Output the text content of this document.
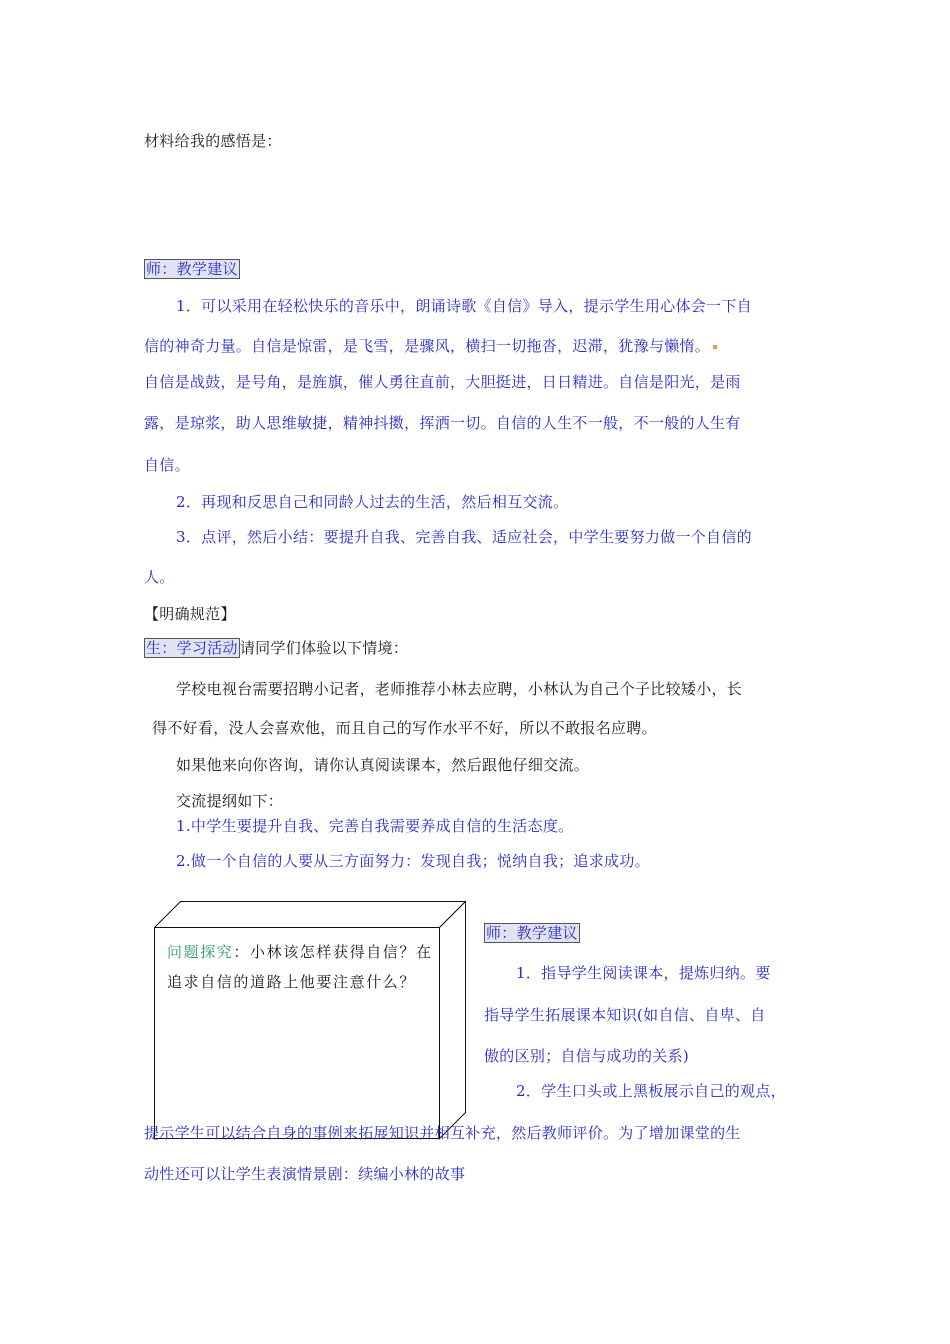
材料给我的感悟是：
师：教学建议
1．可以采用在轻松快乐的音乐中，朗诵诗歌《自信》导入，提示学生用心体会一下自
信的神奇力量。自信是惊雷，是飞雪，是骤风，横扫一切拖沓，迟滞，犹豫与懒惰。
自信是战鼓，是号角，是旌旗，催人勇往直前，大胆挺进，日日精进。自信是阳光，是雨
露，是琼浆，助人思维敏捷，精神抖擞，挥洒一切。自信的人生不一般，不一般的人生有
自信。
2．再现和反思自己和同龄人过去的生活，然后相互交流。
3．点评，然后小结：要提升自我、完善自我、适应社会，中学生要努力做一个自信的
人。
【明确规范】
生：学习活动 请同学们体验以下情境：
学校电视台需要招聘小记者，老师推荐小林去应聘，小林认为自己个子比较矮小，长
得不好看，没人会喜欢他，而且自己的写作水平不好，所以不敢报名应聘。
如果他来向你咨询，请你认真阅读课本，然后跟他仔细交流。
交流提纲如下：
1.中学生要提升自我、完善自我需要养成自信的生活态度。
2.做一个自信的人要从三方面努力：发现自我；悦纳自我；追求成功。
问题探究：小林该怎样获得自信？在追求自信的道路上他要注意什么？
师：教学建议
1．指导学生阅读课本，提炼归纳。要
指导学生拓展课本知识(如自信、自卑、自
傲的区别；自信与成功的关系)
2．学生口头或上黑板展示自己的观点，
提示学生可以结合自身的事例来拓展知识并相互补充，然后教师评价。为了增加课堂的生
动性还可以让学生表演情景剧：续编小林的故事
